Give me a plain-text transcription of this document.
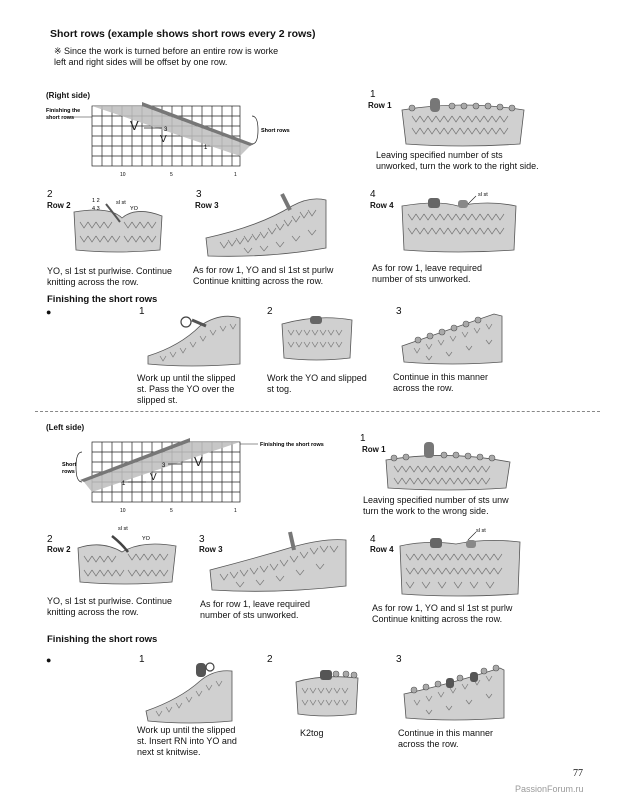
Short rows (example shows short rows every 2 rows)
※ Since the work is turned before an entire row is worke
left and right sides will be offset by one row.
(Right side)
V
V
3
1
Finishing the
short rows
Short rows
10	5	1
1
Row 1
Leaving specified number of sts
unworked, turn the work to the right side.
2
Row 2	1 2	sl st
YO
4 3
YO, sl 1st st purlwise. Continue
knitting across the row.
3
Row 3
As for row 1, YO and sl 1st st purlw
Continue knitting across the row.
4
Row 4
sl st
As for row 1, leave required
number of sts unworked.
Finishing the short rows
●	1
Work up until the slipped
st. Pass the YO over the
slipped st.
2
Work the YO and slipped
st tog.
3
Continue in this manner
across the row.
(Left side)
V
V
3
1
Finishing the short rows
Short
rows
10	5	1
1
Row 1
Leaving specified number of sts unw
turn the work to the wrong side.
2
Row 2
sl st
YO
YO, sl 1st st purlwise. Continue
knitting across the row.
3
Row 3
As for row 1, leave required
number of sts unworked.
4
Row 4
sl st
As for row 1, YO and sl 1st st purlw
Continue knitting across the row.
Finishing the short rows
●	1
Work up until the slipped
st. Insert RN into YO and
next st knitwise.
2
K2tog
3
Continue in this manner
across the row.
77
PassionForum.ru
